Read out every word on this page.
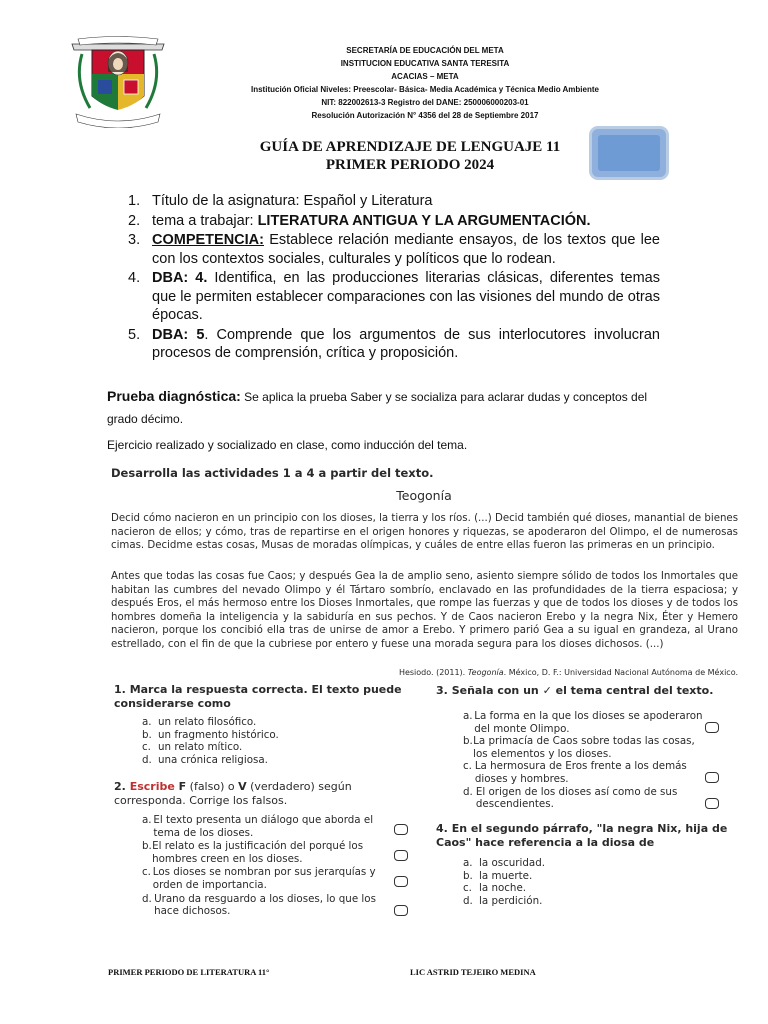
SECRETARÍA DE EDUCACIÓN DEL META
INSTITUCION EDUCATIVA SANTA TERESITA
ACACIAS – META
Institución Oficial Niveles: Preescolar- Básica- Media Académica y Técnica Medio Ambiente
NIT: 822002613-3 Registro del DANE: 250006000203-01
Resolución Autorización N° 4356 del 28 de Septiembre 2017
GUÍA DE APRENDIZAJE DE LENGUAJE 11
PRIMER PERIODO 2024
1. Título de la asignatura: Español y Literatura
2. tema a trabajar: LITERATURA ANTIGUA Y LA ARGUMENTACIÓN.
3. COMPETENCIA: Establece relación mediante ensayos, de los textos que lee con los contextos sociales, culturales y políticos que lo rodean.
4. DBA: 4. Identifica, en las producciones literarias clásicas, diferentes temas que le permiten establecer comparaciones con las visiones del mundo de otras épocas.
5. DBA: 5. Comprende que los argumentos de sus interlocutores involucran procesos de comprensión, crítica y proposición.
Prueba diagnóstica: Se aplica la prueba Saber y se socializa para aclarar dudas y conceptos del grado décimo.
Ejercicio realizado y socializado en clase, como inducción del tema.
Desarrolla las actividades 1 a 4 a partir del texto.
Teogonía
Decid cómo nacieron en un principio con los dioses, la tierra y los ríos. (...) Decid también qué dioses, manantial de bienes nacieron de ellos; y cómo, tras de repartirse en el origen honores y riquezas, se apoderaron del Olimpo, el de numerosas cimas. Decidme estas cosas, Musas de moradas olímpicas, y cuáles de entre ellas fueron las primeras en un principio.
Antes que todas las cosas fue Caos; y después Gea la de amplio seno, asiento siempre sólido de todos los Inmortales que habitan las cumbres del nevado Olimpo y él Tártaro sombrío, enclavado en las profundidades de la tierra espaciosa; y después Eros, el más hermoso entre los Dioses Inmortales, que rompe las fuerzas y que de todos los dioses y de todos los hombres domeña la inteligencia y la sabiduría en sus pechos. Y de Caos nacieron Erebo y la negra Nix, Éter y Hemero nacieron, porque los concibió ella tras de unirse de amor a Erebo. Y primero parió Gea a su igual en grandeza, al Urano estrellado, con el fin de que la cubriese por entero y fuese una morada segura para los dioses dichosos. (...)
Hesiodo. (2011). Teogonía. México, D. F.: Universidad Nacional Autónoma de México.
1. Marca la respuesta correcta. El texto puede considerarse como
a. un relato filosófico.
b. un fragmento histórico.
c. un relato mítico.
d. una crónica religiosa.
2. Escribe F (falso) o V (verdadero) según corresponda. Corrige los falsos.
a. El texto presenta un diálogo que aborda el tema de los dioses.
b. El relato es la justificación del porqué los hombres creen en los dioses.
c. Los dioses se nombran por sus jerarquías y orden de importancia.
d. Urano da resguardo a los dioses, lo que los hace dichosos.
3. Señala con un ✓ el tema central del texto.
a. La forma en la que los dioses se apoderaron del monte Olimpo.
b. La primacía de Caos sobre todas las cosas, los elementos y los dioses.
c. La hermosura de Eros frente a los demás dioses y hombres.
d. El origen de los dioses así como de sus descendientes.
4. En el segundo párrafo, "la negra Nix, hija de Caos" hace referencia a la diosa de
a. la oscuridad.
b. la muerte.
c. la noche.
d. la perdición.
PRIMER PERIODO DE LITERATURA 11°	LIC ASTRID TEJEIRO MEDINA
